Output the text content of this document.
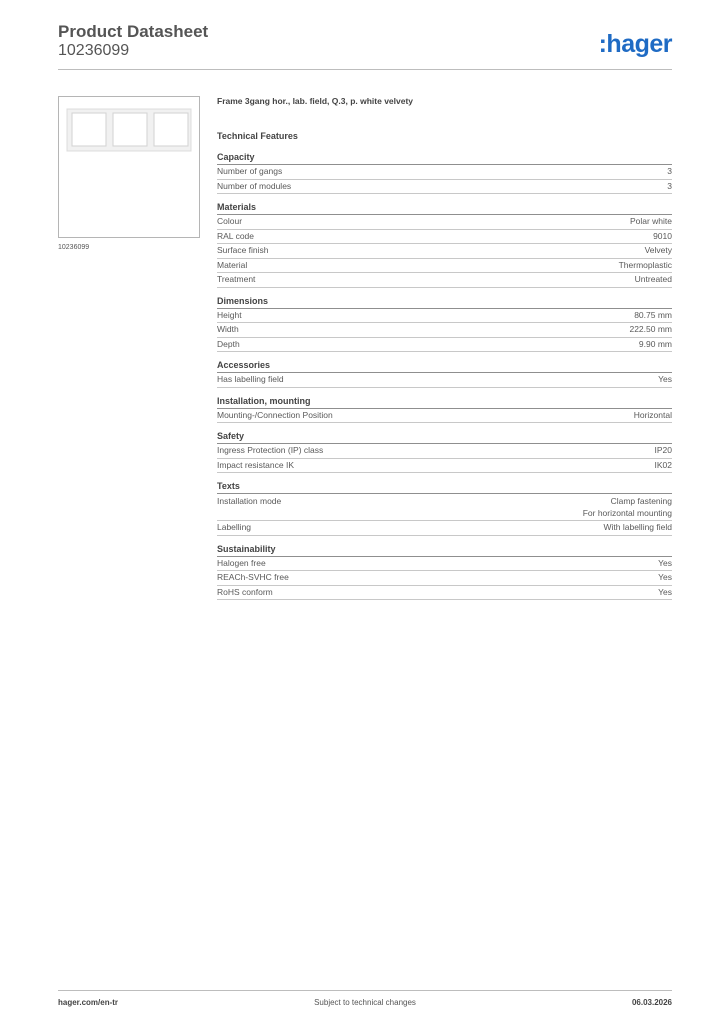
Product Datasheet
10236099	:hager
10236099
Frame 3gang hor., lab. field, Q.3, p. white velvety
Technical Features
Capacity
Number of gangs	3
Number of modules	3
Materials
Colour	Polar white
RAL code	9010
Surface finish	Velvety
Material	Thermoplastic
Treatment	Untreated
Dimensions
Height	80.75 mm
Width	222.50 mm
Depth	9.90 mm
Accessories
Has labelling field	Yes
Installation, mounting
Mounting-/Connection Position	Horizontal
Safety
Ingress Protection (IP) class	IP20
Impact resistance IK	IK02
Texts
Installation mode	Clamp fastening
For horizontal mounting
Labelling	With labelling field
Sustainability
Halogen free	Yes
REACh-SVHC free	Yes
RoHS conform	Yes
hager.com/en-tr	Subject to technical changes	06.03.2026
